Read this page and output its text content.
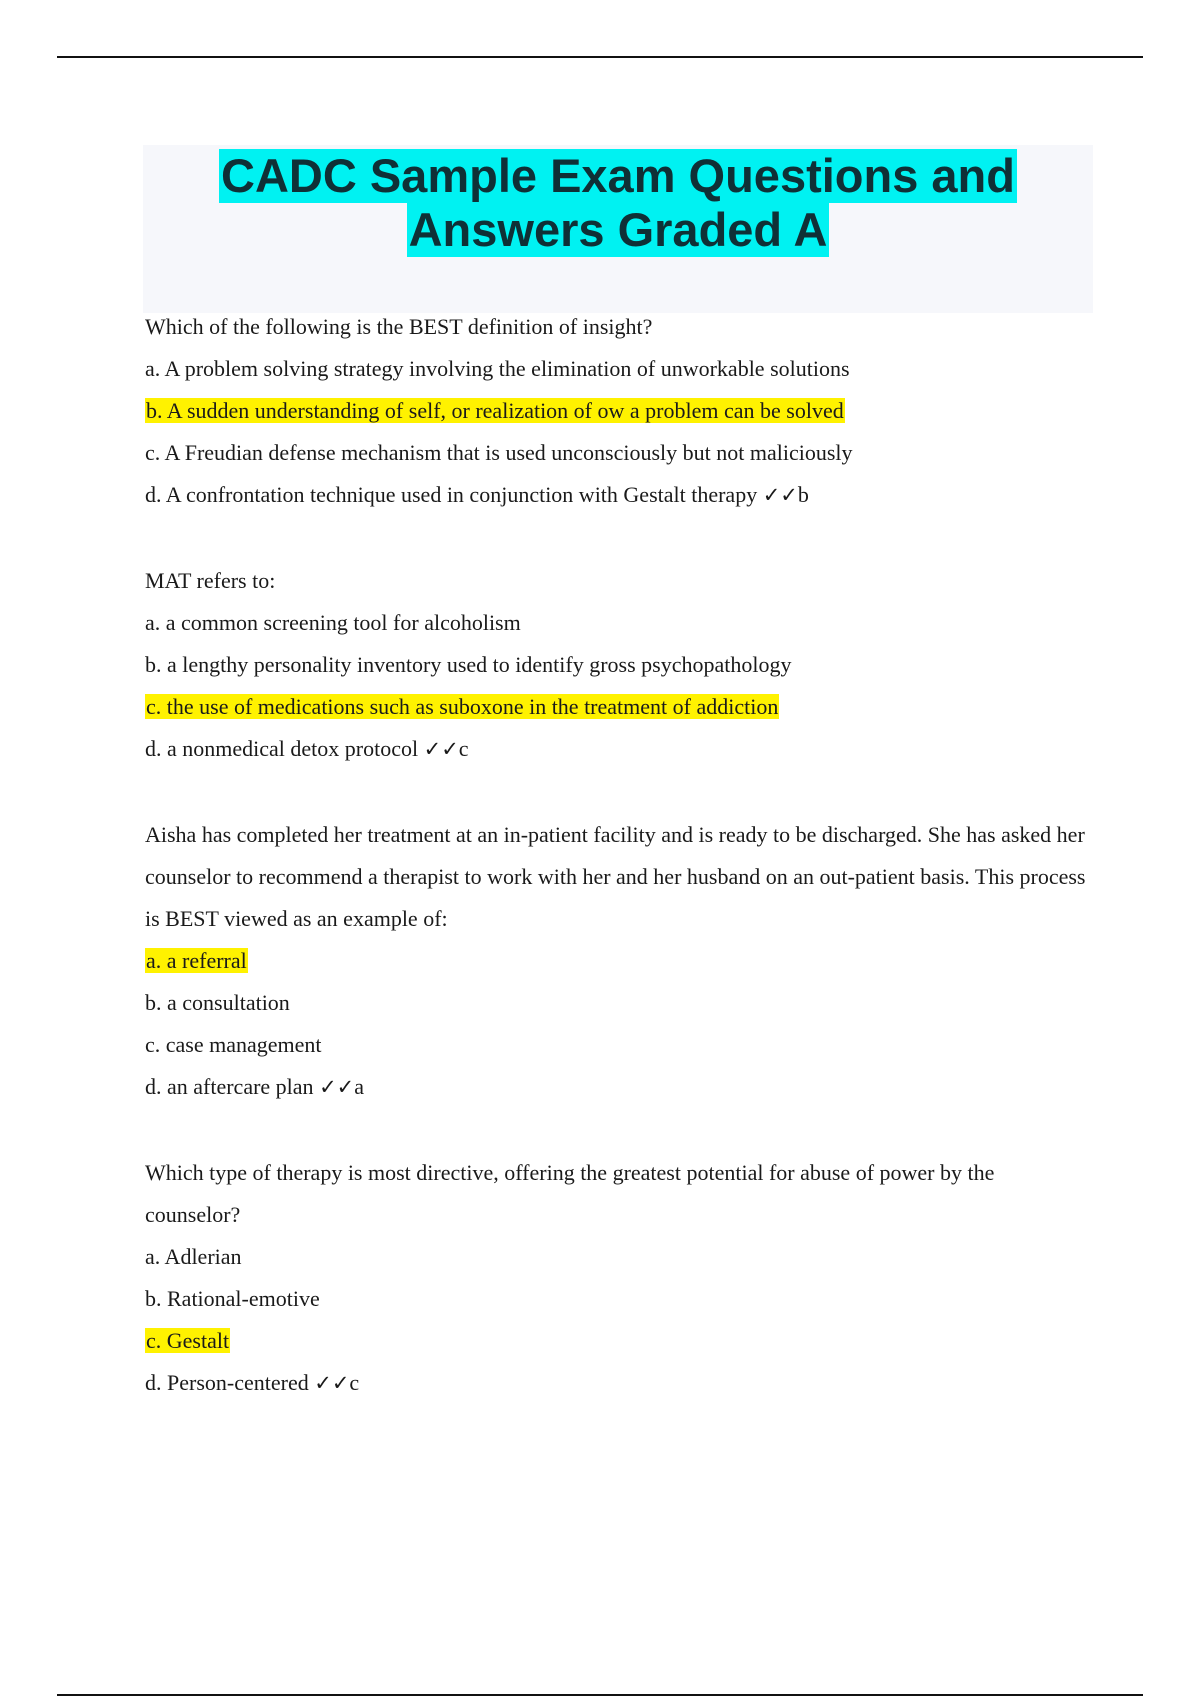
CADC Sample Exam Questions and
Answers Graded A
Which of the following is the BEST definition of insight?
a. A problem solving strategy involving the elimination of unworkable solutions
b. A sudden understanding of self, or realization of ow a problem can be solved
c. A Freudian defense mechanism that is used unconsciously but not maliciously
d. A confrontation technique used in conjunction with Gestalt therapy ✓✓b
MAT refers to:
a. a common screening tool for alcoholism
b. a lengthy personality inventory used to identify gross psychopathology
c. the use of medications such as suboxone in the treatment of addiction
d. a nonmedical detox protocol ✓✓c
Aisha has completed her treatment at an in-patient facility and is ready to be discharged. She has asked her counselor to recommend a therapist to work with her and her husband on an out-patient basis. This process is BEST viewed as an example of:
a. a referral
b. a consultation
c. case management
d. an aftercare plan ✓✓a
Which type of therapy is most directive, offering the greatest potential for abuse of power by the counselor?
a. Adlerian
b. Rational-emotive
c. Gestalt
d. Person-centered ✓✓c
